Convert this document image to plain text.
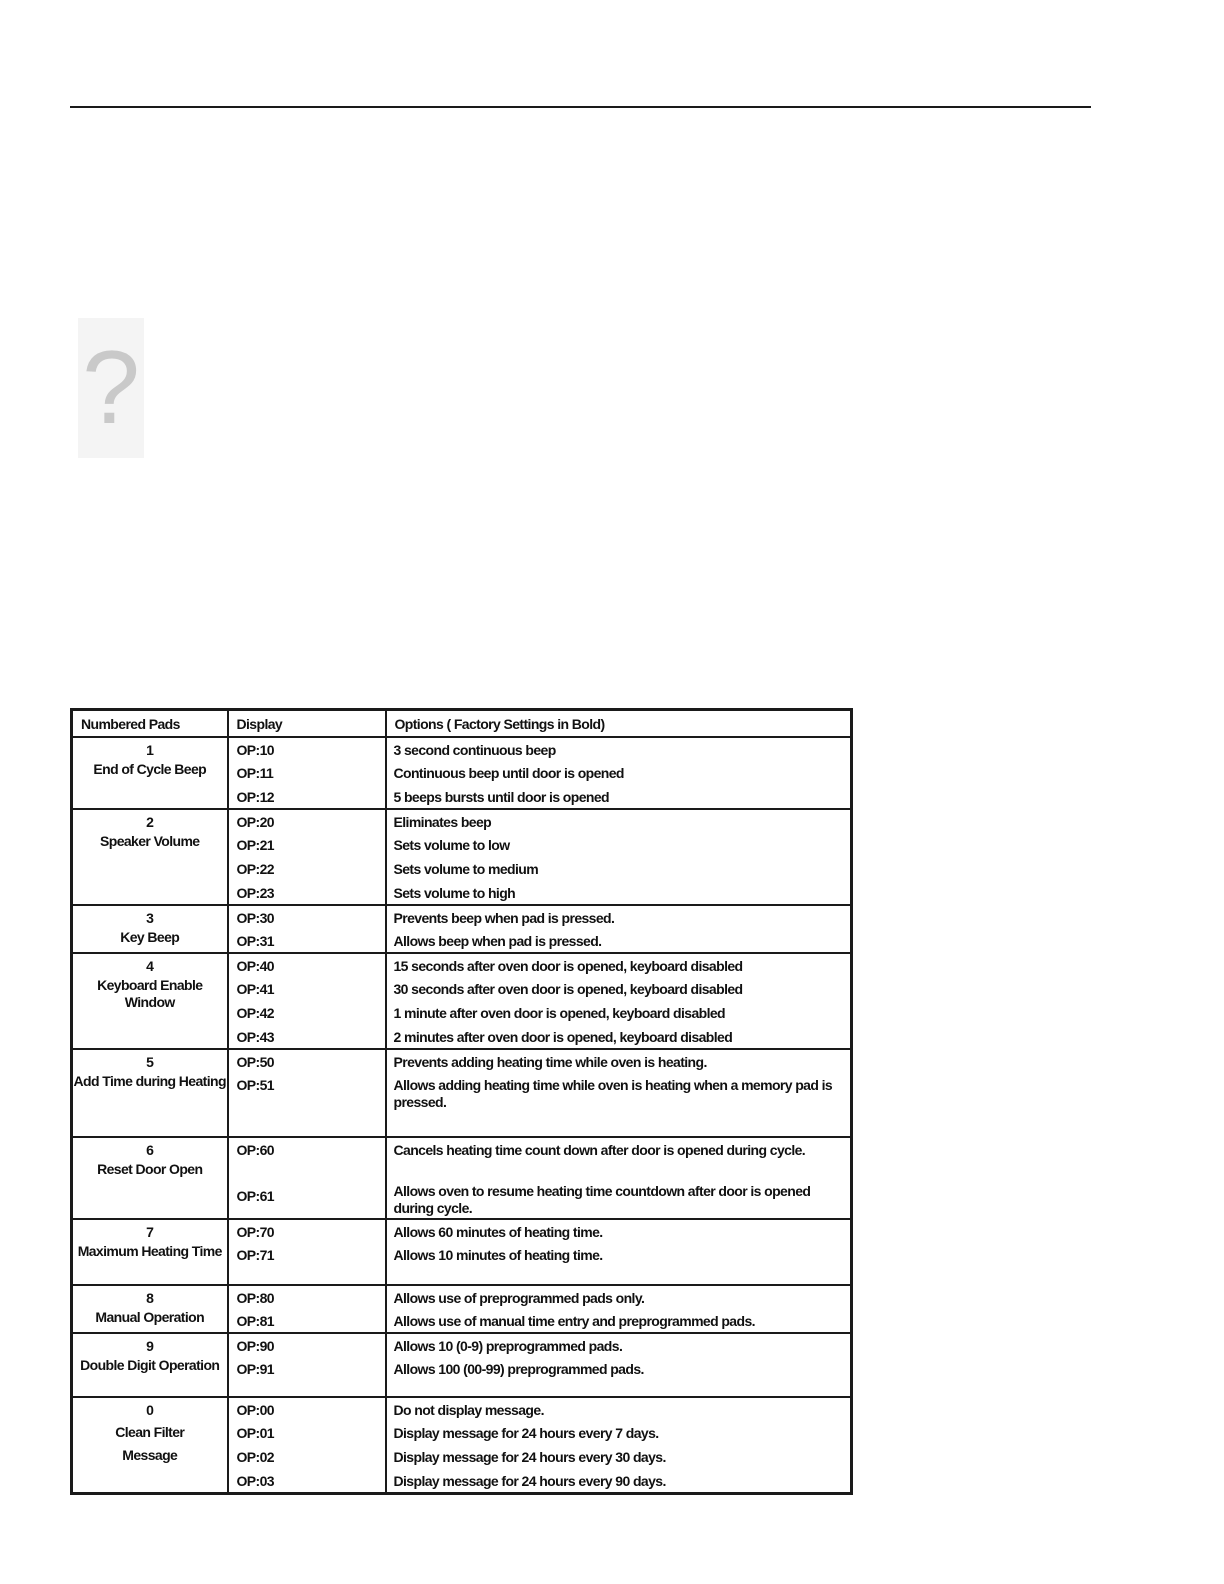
?
Numbered Pads	Display	Options ( Factory Settings in Bold)

1
End of Cycle Beep	OP:10	3 second continuous beep

	OP:11	Continuous beep until door is opened

	OP:12	5 beeps bursts until door is opened

2
Speaker Volume	OP:20	Eliminates beep

	OP:21	Sets volume to low

	OP:22	Sets volume to medium

	OP:23	Sets volume to high

3
Key Beep	OP:30	Prevents beep when pad is pressed.

	OP:31	Allows beep when pad is pressed.

4
Keyboard Enable Window	OP:40	15 seconds after oven door is opened, keyboard disabled

	OP:41	30 seconds after oven door is opened, keyboard disabled

	OP:42	1 minute after oven door is opened, keyboard disabled

	OP:43	2 minutes after oven door is opened, keyboard disabled

5
Add Time during Heating	OP:50	Prevents adding heating time while oven is heating.

	OP:51	Allows adding heating time while oven is heating when a memory pad is pressed.

6
Reset Door Open	OP:60	Cancels heating time count down after door is opened during cycle.

	OP:61	Allows oven to resume heating time countdown after door is opened during cycle.

7
Maximum Heating Time	OP:70	Allows 60 minutes of heating time.

	OP:71	Allows 10 minutes of heating time.

8
Manual Operation	OP:80	Allows use of preprogrammed pads only.

	OP:81	Allows use of manual time entry and preprogrammed pads.

9
Double Digit Operation	OP:90	Allows 10 (0-9) preprogrammed pads.

	OP:91	Allows 100 (00-99) preprogrammed pads.

0
Clean Filter Message	OP:00	Do not display message.

	OP:01	Display message for 24 hours every 7 days.

	OP:02	Display message for 24 hours every 30 days.

	OP:03	Display message for 24 hours every 90 days.
